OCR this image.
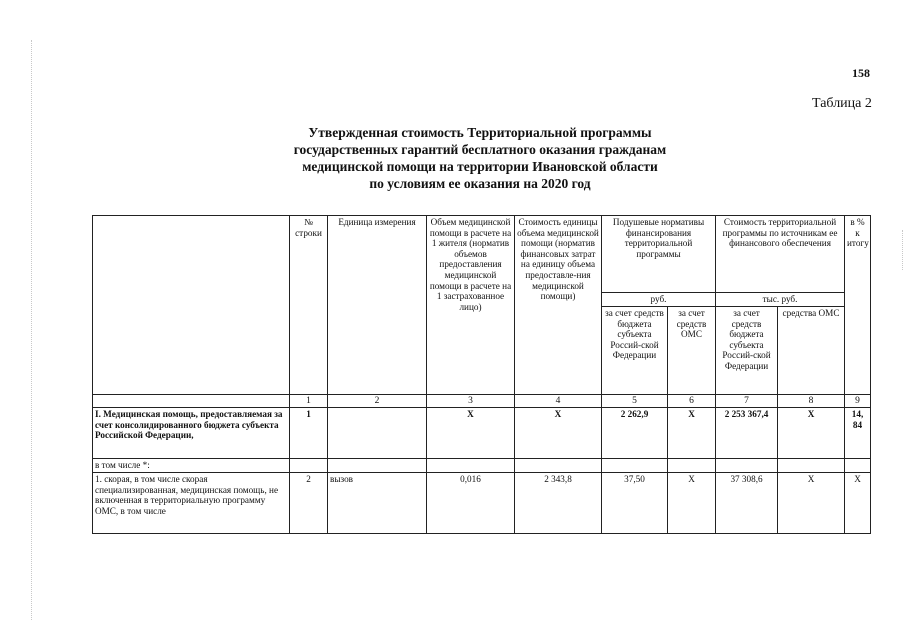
158
Таблица 2
Утвержденная стоимость Территориальной программы
государственных гарантий бесплатного оказания гражданам
медицинской помощи на территории Ивановской области
по условиям ее оказания на 2020 год
	№ строки	Единица измерения	Объем медицинской помощи в расчете на 1 жителя (норматив объемов предоставления медицинской помощи в расчете на 1 застрахованное лицо)	Стоимость единицы объема медицинской помощи (норматив финансовых затрат на единицу объема предоставле-ния медицинской помощи)	Подушевые нормативы финансирования территориальной программы		Стоимость территориальной программы по источникам ее финансового обеспечения		в % к итогу
					руб.		тыс. руб.		
					за счет средств бюджета субъекта Россий-ской Федерации	за счет средств ОМС	за счет средств бюджета субъекта Россий-ской Федерации	средства ОМС	
	1	2	3	4	5	6	7	8	9
I. Медицинская помощь, предоставляемая за счет консолидированного бюджета субъекта Российской Федерации,	1		X	X	2 262,9	X	2 253 367,4	X	14, 84
в том числе *:									
1. скорая, в том числе скорая специализированная, медицинская помощь, не включенная в территориальную программу ОМС, в том числе	2	вызов	0,016	2 343,8	37,50	X	37 308,6	X	X
